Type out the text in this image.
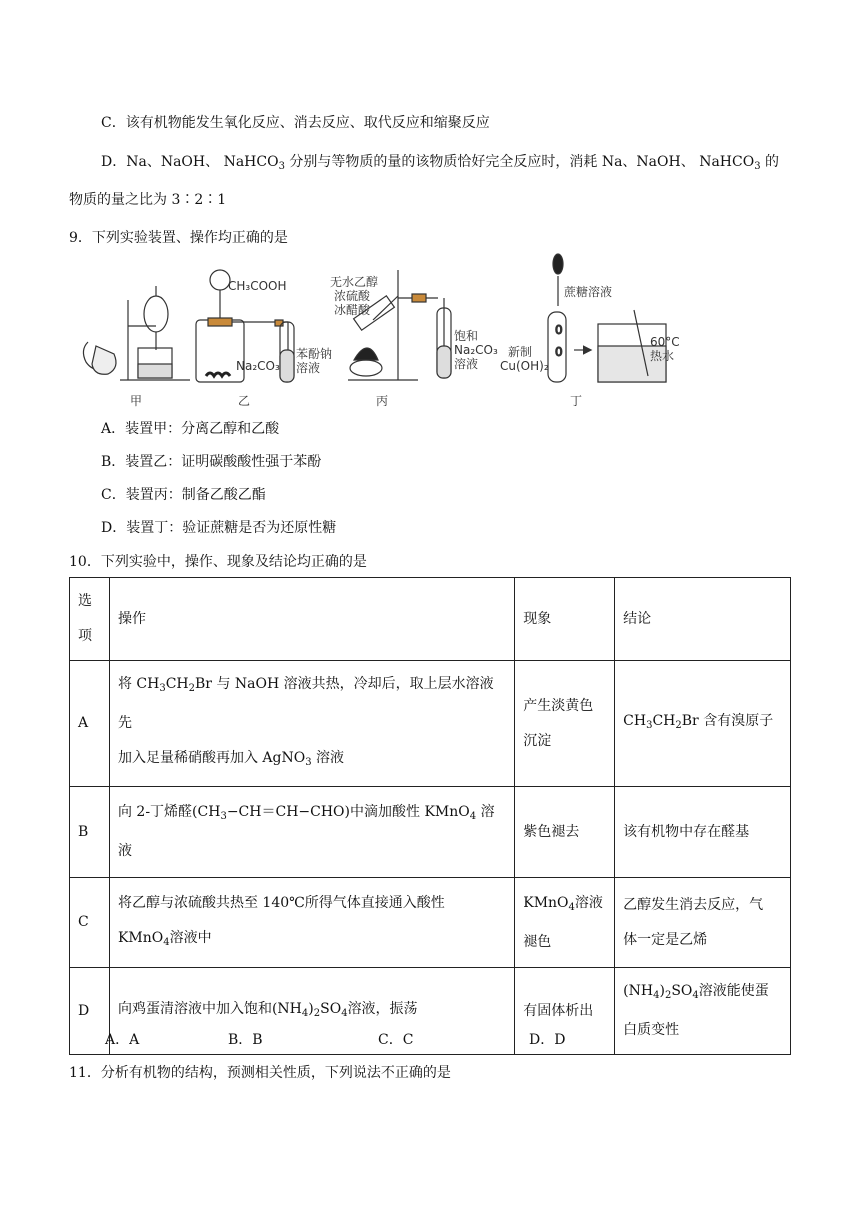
C．该有机物能发生氧化反应、消去反应、取代反应和缩聚反应
D．Na、NaOH、 NaHCO$_3$ 分别与等物质的量的该物质恰好完全反应时，消耗 Na、NaOH、 NaHCO$_3$ 的
物质的量之比为 3∶2∶1
9．下列实验装置、操作均正确的是
0
0
甲	乙	丙	丁
CH₃COOH
Na₂CO₃
苯酚钠
溶液
无水乙醇
浓硫酸
冰醋酸
饱和
Na₂CO₃
溶液
蔗糖溶液
新制
Cu(OH)₂
60°C
热水
A．装置甲：分离乙醇和乙酸
B．装置乙：证明碳酸酸性强于苯酚
C．装置丙：制备乙酸乙酯
D．装置丁：验证蔗糖是否为还原性糖
10．下列实验中，操作、现象及结论均正确的是
选
项	操作	现象	结论
A	将 $CH_3CH_2Br$ 与 NaOH 溶液共热，冷却后，取上层水溶液先
加入足量稀硝酸再加入 AgNO$_3$ 溶液	产生淡黄色
沉淀	$CH_3CH_2Br$ 含有溴原子
B	向 2-丁烯醛$(CH_3-CH=CH-CHO)$中滴加酸性 KMnO$_4$ 溶
液	紫色褪去	该有机物中存在醛基
C	将乙醇与浓硫酸共热至 140℃所得气体直接通入酸性
KMnO$_4$溶液中	KMnO$_4$溶液
褪色	乙醇发生消去反应，气
体一定是乙烯
D	向鸡蛋清溶液中加入饱和$(NH_4)_2SO_4$溶液，振荡	有固体析出	$(NH_4)_2SO_4$溶液能使蛋
白质变性
A．A	B．B	C．C	D．D
11．分析有机物的结构，预测相关性质，下列说法不正确的是
